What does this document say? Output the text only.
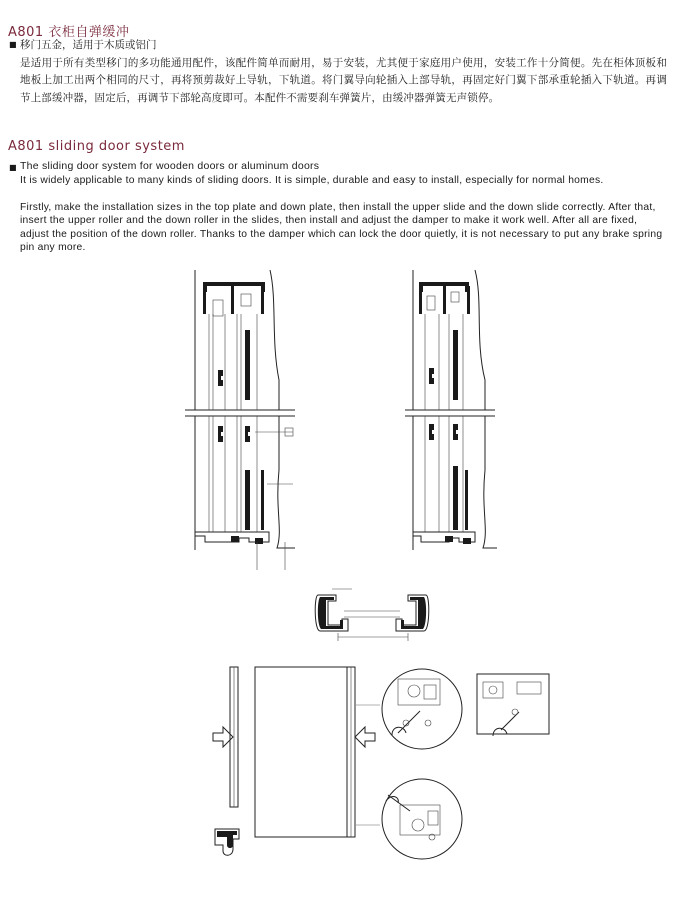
A801 衣柜自弹缓冲
■ 移门五金，适用于木质或铝门
是适用于所有类型移门的多功能通用配件，该配件简单而耐用，易于安装，尤其便于家庭用户使用，安装工作十分简便。先在柜体顶板和地板上加工出两个相同的尺寸，再将预剪裁好上导轨，下轨道。将门翼导向轮插入上部导轨，再固定好门翼下部承重轮插入下轨道。再调节上部缓冲器，固定后，再调节下部轮高度即可。本配件不需要刹车弹簧片，由缓冲器弹簧无声锁停。
A801 sliding door system
■ The sliding door system for wooden doors or aluminum doors

It is widely applicable to many kinds of sliding doors. It is simple, durable and easy to install, especially for normal homes.

Firstly, make the installation sizes in the top plate and down plate, then install the upper slide and the down slide correctly. After that, insert the upper roller and the down roller in the slides, then install and adjust the damper to make it work well. After all are fixed, adjust the position of the down roller. Thanks to the damper which can lock the door quietly, it is not necessary to put any brake spring pin any more.
